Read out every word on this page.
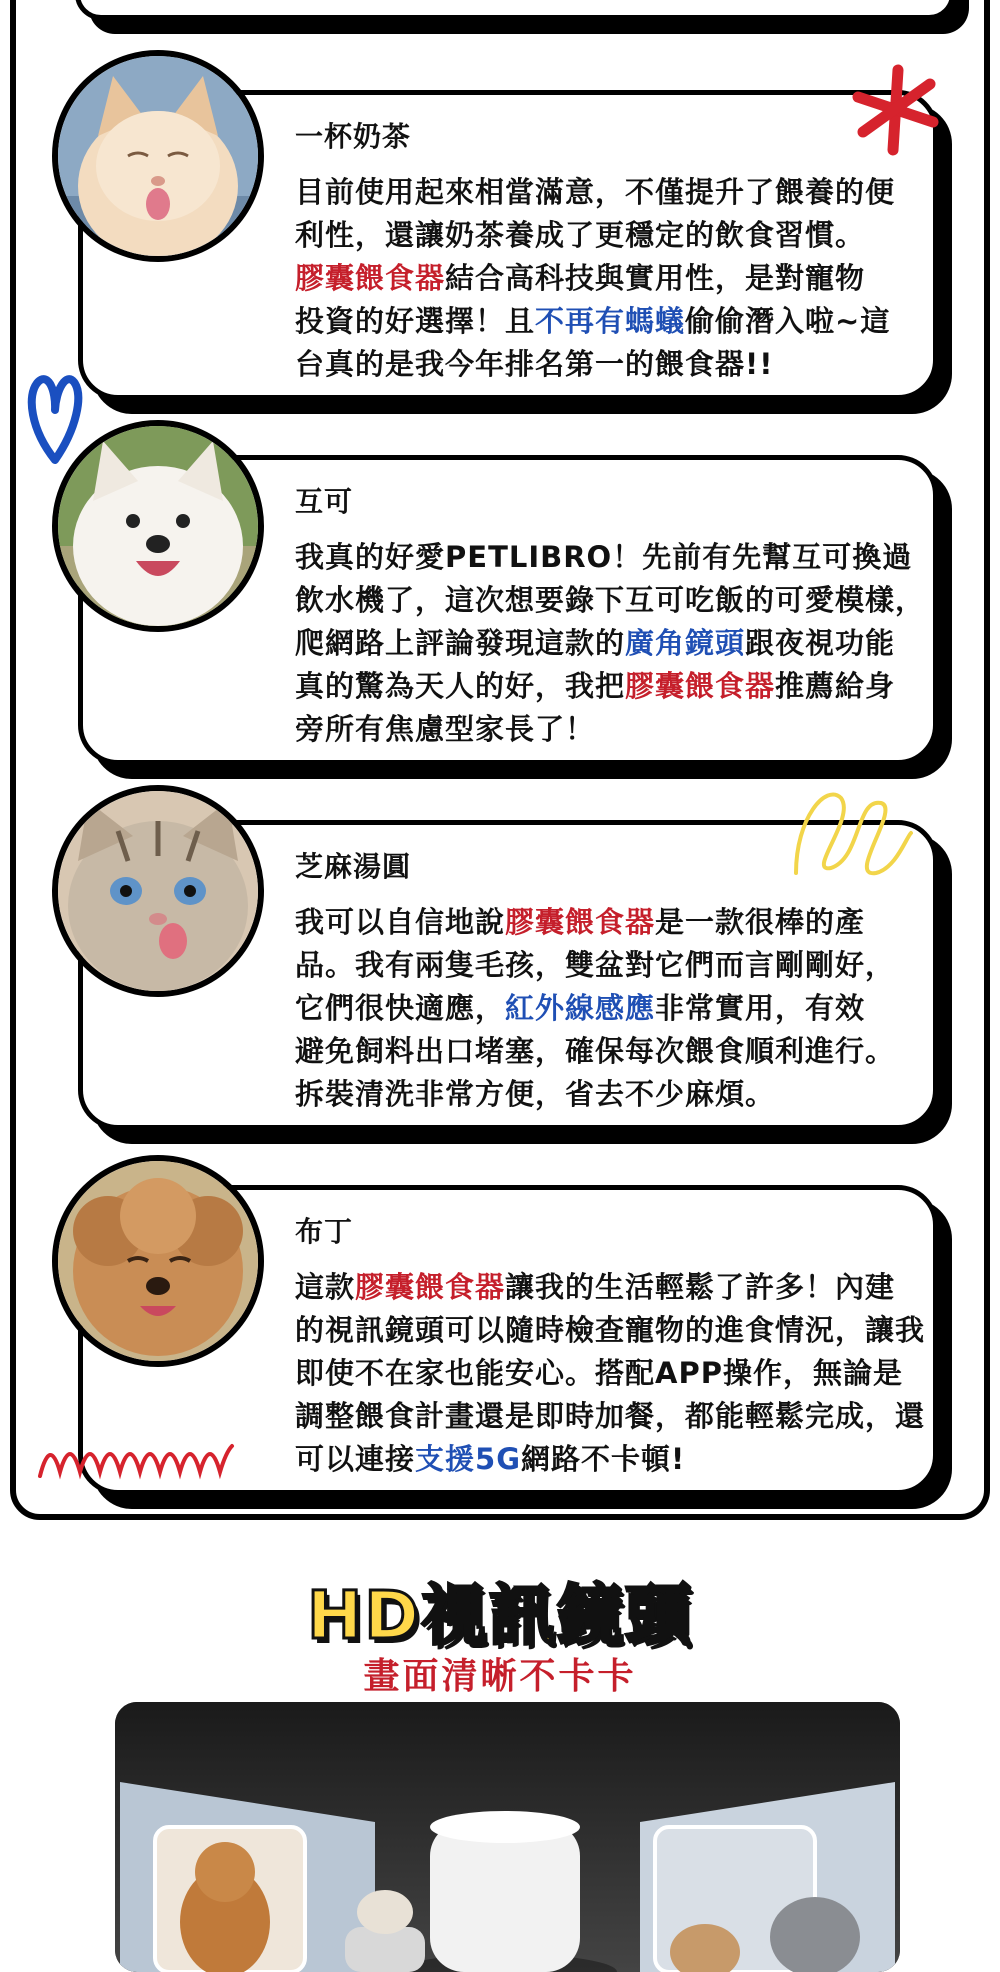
一杯奶茶
目前使用起來相當滿意，不僅提升了餵養的便利性，還讓奶茶養成了更穩定的飲食習慣。膠囊餵食器結合高科技與實用性，是對寵物投資的好選擇！且不再有螞蟻偷偷潛入啦~這台真的是我今年排名第一的餵食器!!
互可
我真的好愛PETLIBRO！先前有先幫互可換過飲水機了，這次想要錄下互可吃飯的可愛模樣，爬網路上評論發現這款的廣角鏡頭跟夜視功能真的驚為天人的好，我把膠囊餵食器推薦給身旁所有焦慮型家長了！
芝麻湯圓
我可以自信地說膠囊餵食器是一款很棒的產品。我有兩隻毛孩，雙盆對它們而言剛剛好，它們很快適應，紅外線感應非常實用，有效避免飼料出口堵塞，確保每次餵食順利進行。拆裝清洗非常方便，省去不少麻煩。
布丁
這款膠囊餵食器讓我的生活輕鬆了許多！內建的視訊鏡頭可以隨時檢查寵物的進食情況，讓我即使不在家也能安心。搭配APP操作，無論是調整餵食計畫還是即時加餐，都能輕鬆完成，還可以連接支援5G網路不卡頓!
HD視訊鏡頭
畫面清晰不卡卡
